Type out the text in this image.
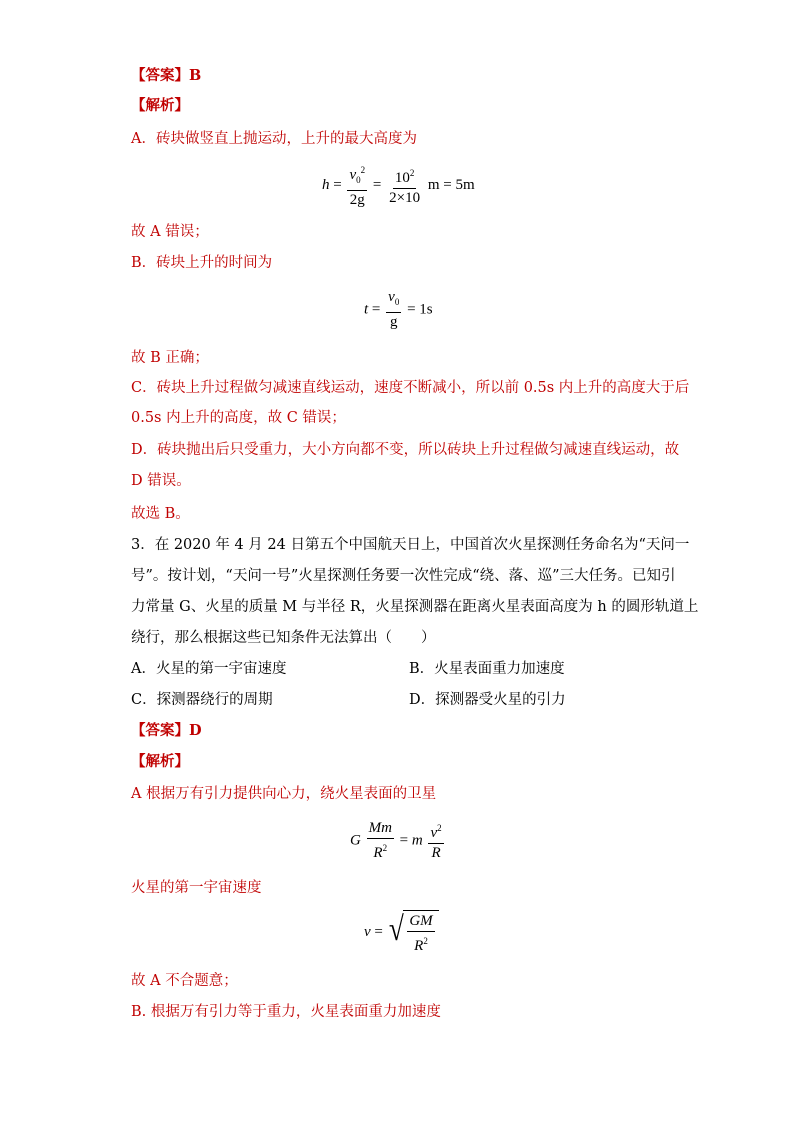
【答案】B
【解析】
A．砖块做竖直上抛运动，上升的最大高度为
$h = \frac{v_0^2}{2g} = \frac{10^2}{2\times 10}$ m = 5m
故 A 错误；
B．砖块上升的时间为
$t = \frac{v_0}{g} = 1s$
故 B 正确；
C．砖块上升过程做匀减速直线运动，速度不断减小，所以前 0.5s 内上升的高度大于后
0.5s 内上升的高度，故 C 错误；
D．砖块抛出后只受重力，大小方向都不变，所以砖块上升过程做匀减速直线运动，故
D 错误。
故选 B。
3．在 2020 年 4 月 24 日第五个中国航天日上，中国首次火星探测任务命名为“天问一
号”。按计划，“天问一号”火星探测任务要一次性完成“绕、落、巡”三大任务。已知引
力常量 G、火星的质量 M 与半径 R，火星探测器在距离火星表面高度为 h 的圆形轨道上
绕行，那么根据这些已知条件无法算出（　　）
A．火星的第一宇宙速度	B．火星表面重力加速度
C．探测器绕行的周期	D．探测器受火星的引力
【答案】D
【解析】
A 根据万有引力提供向心力，绕火星表面的卫星
G $\frac{Mm}{R^2} = m \frac{v^2}{R}$
火星的第一宇宙速度
v = √ $\frac{GM}{R^2}$
故 A 不合题意；
B. 根据万有引力等于重力，火星表面重力加速度
